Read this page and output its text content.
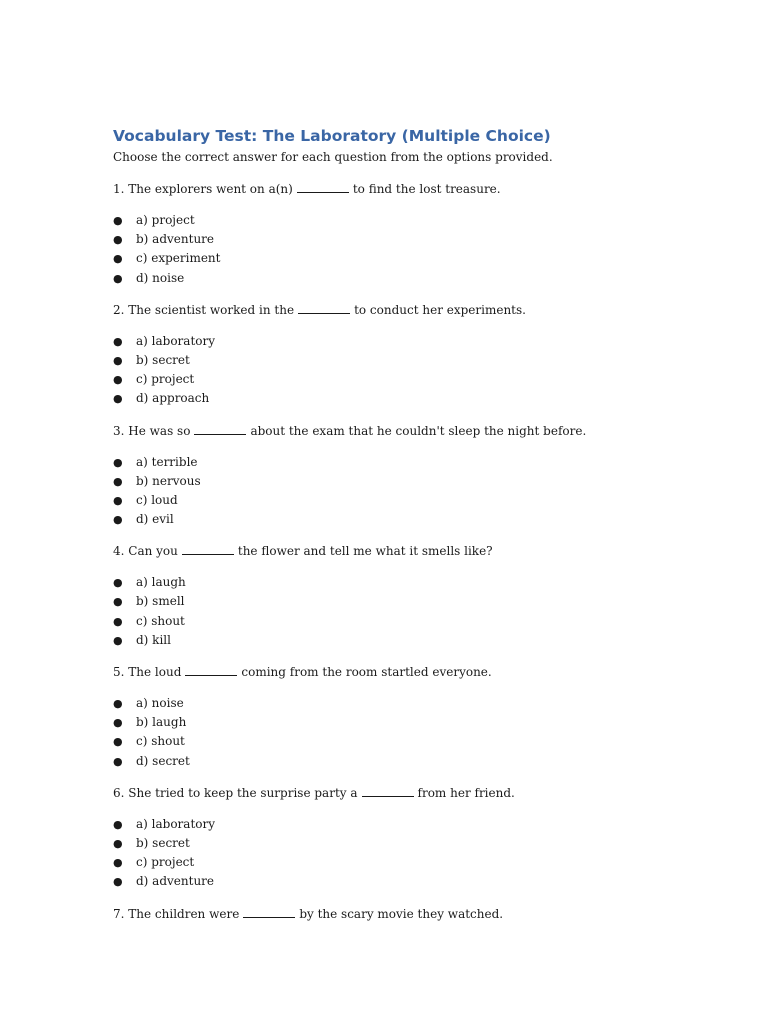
Vocabulary Test: The Laboratory (Multiple Choice)

Choose the correct answer for each question from the options provided.

1. The explorers went on a(n)	to find the lost treasure.
● a) project
● b) adventure
● c) experiment
● d) noise
2. The scientist worked in the	to conduct her experiments.
● a) laboratory
● b) secret
● c) project
● d) approach
3. He was so	about the exam that he couldn't sleep the night before.
● a) terrible
● b) nervous
● c) loud
● d) evil
4. Can you	the flower and tell me what it smells like?
● a) laugh
● b) smell
● c) shout
● d) kill
5. The loud	coming from the room startled everyone.
● a) noise
● b) laugh
● c) shout
● d) secret
6. She tried to keep the surprise party a	from her friend.
● a) laboratory
● b) secret
● c) project
● d) adventure
7. The children were	by the scary movie they watched.
